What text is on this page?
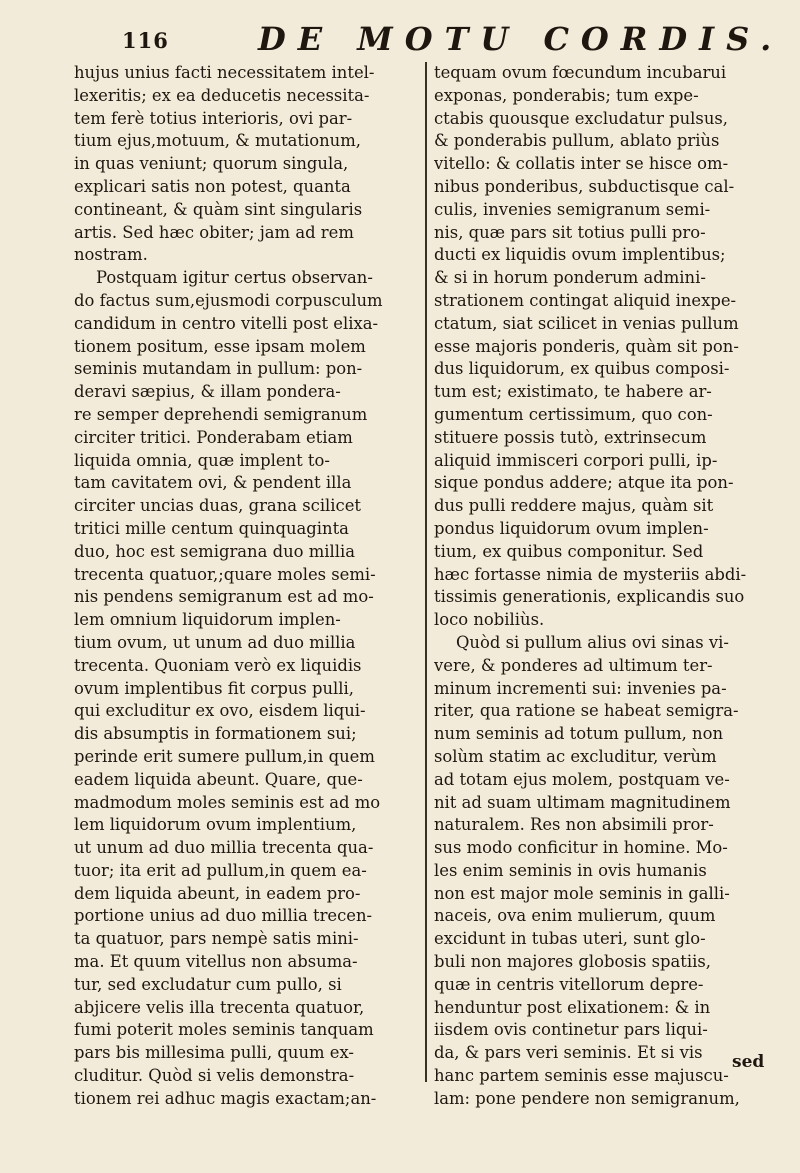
116	DE MOTU CORDIS.
hujus unius facti necessitatem intel-
lexeritis; ex ea deducetis necessita-
tem ferè totius interioris, ovi par-
tium ejus,motuum, & mutationum,
in quas veniunt; quorum singula,
explicari satis non potest, quanta
contineant, & quàm sint singularis
artis. Sed hæc obiter; jam ad rem
nostram.
Postquam igitur certus observan-
do factus sum,ejusmodi corpusculum
candidum in centro vitelli post elixa-
tionem positum, esse ipsam molem
seminis mutandam in pullum: pon-
deravi sæpius, & illam pondera-
re semper deprehendi semigranum
circiter tritici. Ponderabam etiam
liquida omnia, quæ implent to-
tam cavitatem ovi, & pendent illa
circiter uncias duas, grana scilicet
tritici mille centum quinquaginta
duo, hoc est semigrana duo millia
trecenta quatuor,;quare moles semi-
nis pendens semigranum est ad mo-
lem omnium liquidorum implen-
tium ovum, ut unum ad duo millia
trecenta. Quoniam verò ex liquidis
ovum implentibus fit corpus pulli,
qui excluditur ex ovo, eisdem liqui-
dis absumptis in formationem sui;
perinde erit sumere pullum,in quem
eadem liquida abeunt. Quare, que-
madmodum moles seminis est ad mo
lem liquidorum ovum implentium,
ut unum ad duo millia trecenta qua-
tuor; ita erit ad pullum,in quem ea-
dem liquida abeunt, in eadem pro-
portione unius ad duo millia trecen-
ta quatuor, pars nempè satis mini-
ma. Et quum vitellus non absuma-
tur, sed excludatur cum pullo, si
abjicere velis illa trecenta quatuor,
fumi poterit moles seminis tanquam
pars bis millesima pulli, quum ex-
cluditur. Quòd si velis demonstra-
tionem rei adhuc magis exactam;an-
tequam ovum fœcundum incubarui
exponas, ponderabis; tum expe-
ctabis quousque excludatur pulsus,
& ponderabis pullum, ablato priùs
vitello: & collatis inter se hisce om-
nibus ponderibus, subductisque cal-
culis, invenies semigranum semi-
nis, quæ pars sit totius pulli pro-
ducti ex liquidis ovum implentibus;
& si in horum ponderum admini-
strationem contingat aliquid inexpe-
ctatum, siat scilicet in venias pullum
esse majoris ponderis, quàm sit pon-
dus liquidorum, ex quibus composi-
tum est; existimato, te habere ar-
gumentum certissimum, quo con-
stituere possis tutò, extrinsecum
aliquid immisceri corpori pulli, ip-
sique pondus addere; atque ita pon-
dus pulli reddere majus, quàm sit
pondus liquidorum ovum implen-
tium, ex quibus componitur. Sed
hæc fortasse nimia de mysteriis abdi-
tissimis generationis, explicandis suo
loco nobiliùs.
Quòd si pullum alius ovi sinas vi-
vere, & ponderes ad ultimum ter-
minum incrementi sui: invenies pa-
riter, qua ratione se habeat semigra-
num seminis ad totum pullum, non
solùm statim ac excluditur, verùm
ad totam ejus molem, postquam ve-
nit ad suam ultimam magnitudinem
naturalem. Res non absimili pror-
sus modo conficitur in homine. Mo-
les enim seminis in ovis humanis
non est major mole seminis in galli-
naceis, ova enim mulierum, quum
excidunt in tubas uteri, sunt glo-
buli non majores globosis spatiis,
quæ in centris vitellorum depre-
henduntur post elixationem: & in
iisdem ovis continetur pars liqui-
da, & pars veri seminis. Et si vis
hanc partem seminis esse majuscu-
lam: pone pendere non semigranum,
sed
